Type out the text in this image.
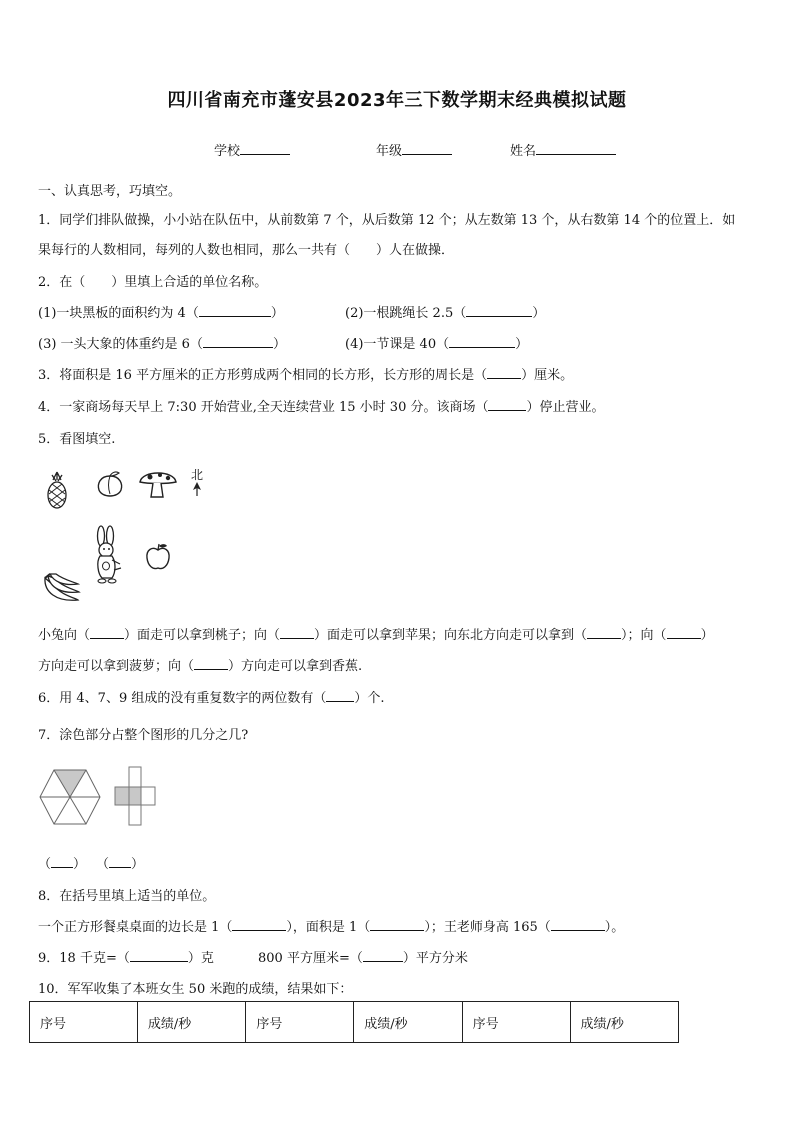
四川省南充市蓬安县2023年三下数学期末经典模拟试题
学校	年级	姓名
一、认真思考，巧填空。
1．同学们排队做操，小小站在队伍中，从前数第 7 个，从后数第 12 个；从左数第 13 个，从右数第 14 个的位置上．如
果每行的人数相同，每列的人数也相同，那么一共有（　　）人在做操．
2．在（　　）里填上合适的单位名称。
(1)一块黑板的面积约为 4（	）	(2)一根跳绳长 2.5（	）
(3) 一头大象的体重约是 6（	）	(4)一节课是 40（	）
3．将面积是 16 平方厘米的正方形剪成两个相同的长方形，长方形的周长是（	）厘米。
4．一家商场每天早上 7:30 开始营业,全天连续营业 15 小时 30 分。该商场（	）停止营业。
5．看图填空.
北
小兔向（	）面走可以拿到桃子；向（	）面走可以拿到苹果；向东北方向走可以拿到（	）；向（	）
方向走可以拿到菠萝；向（	）方向走可以拿到香蕉.
6．用 4、7、9 组成的没有重复数字的两位数有（ ）个.
7．涂色部分占整个图形的几分之几?
（ ） （ ）
8．在括号里填上适当的单位。
一个正方形餐桌桌面的边长是 1（	），面积是 1（	）；王老师身高 165（	）。
9．18 千克=（	）克	800 平方厘米=（	）平方分米
10．军军收集了本班女生 50 米跑的成绩，结果如下：
序号	成绩/秒	序号	成绩/秒	序号	成绩/秒
